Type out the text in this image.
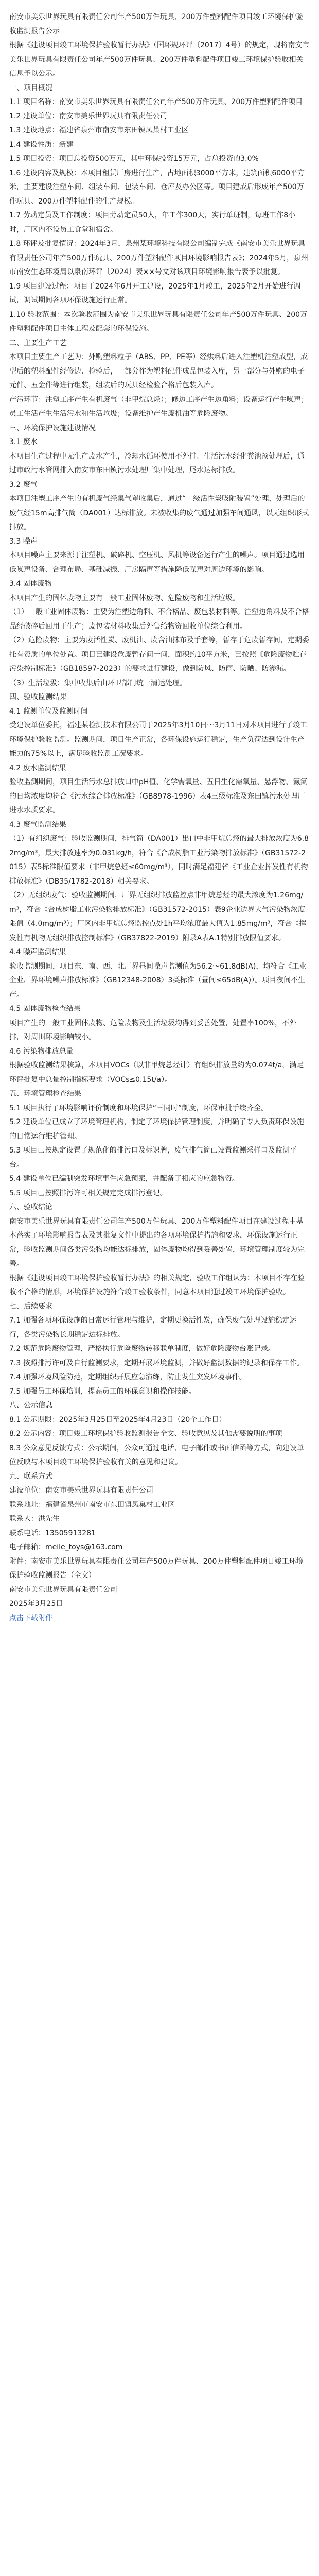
南安市美乐世界玩具有限责任公司年产500万件玩具、200万件塑料配件项目竣工环境保护验收监测报告公示

根据《建设项目竣工环境保护验收暂行办法》（国环规环评〔2017〕4号）的规定，现将南安市美乐世界玩具有限责任公司年产500万件玩具、200万件塑料配件项目竣工环境保护验收相关信息予以公示。

一、项目概况

1.1 项目名称：南安市美乐世界玩具有限责任公司年产500万件玩具、200万件塑料配件项目

1.2 建设单位：南安市美乐世界玩具有限责任公司

1.3 建设地点：福建省泉州市南安市东田镇凤巢村工业区

1.4 建设性质：新建

1.5 项目投资：项目总投资500万元，其中环保投资15万元，占总投资的3.0%

1.6 建设内容及规模：本项目租赁厂房进行生产，占地面积3000平方米，建筑面积6000平方米，主要建设注塑车间、组装车间、包装车间、仓库及办公区等。项目建成后形成年产500万件玩具、200万件塑料配件的生产规模。

1.7 劳动定员及工作制度：项目劳动定员50人，年工作300天，实行单班制，每班工作8小时，厂区内不设员工食堂和宿舍。

1.8 环评及批复情况：2024年3月，泉州某环境科技有限公司编制完成《南安市美乐世界玩具有限责任公司年产500万件玩具、200万件塑料配件项目环境影响报告表》；2024年5月，泉州市南安生态环境局以泉南环评〔2024〕表××号文对该项目环境影响报告表予以批复。

1.9 项目建设过程：项目于2024年6月开工建设，2025年1月竣工，2025年2月开始进行调试，调试期间各项环保设施运行正常。

1.10 验收范围：本次验收范围为南安市美乐世界玩具有限责任公司年产500万件玩具、200万件塑料配件项目主体工程及配套的环保设施。

二、主要生产工艺

本项目主要生产工艺为：外购塑料粒子（ABS、PP、PE等）经烘料后进入注塑机注塑成型，成型后的塑料配件经修边、检验后，一部分作为塑料配件成品包装入库，另一部分与外购的电子元件、五金件等进行组装，组装后的玩具经检验合格后包装入库。

产污环节：注塑工序产生有机废气（非甲烷总烃）；修边工序产生边角料；设备运行产生噪声；员工生活产生生活污水和生活垃圾；设备维护产生废机油等危险废物。

三、环境保护设施建设情况

3.1 废水

本项目生产过程中无生产废水产生，冷却水循环使用不外排。生活污水经化粪池预处理后，通过市政污水管网排入南安市东田镇污水处理厂集中处理，尾水达标排放。

3.2 废气

本项目注塑工序产生的有机废气经集气罩收集后，通过“二级活性炭吸附装置”处理，处理后的废气经15m高排气筒（DA001）达标排放。未被收集的废气通过加强车间通风，以无组织形式排放。

3.3 噪声

本项目噪声主要来源于注塑机、破碎机、空压机、风机等设备运行产生的噪声。项目通过选用低噪声设备、合理布局、基础减振、厂房隔声等措施降低噪声对周边环境的影响。

3.4 固体废物

本项目产生的固体废物主要有一般工业固体废物、危险废物和生活垃圾。

（1）一般工业固体废物：主要为注塑边角料、不合格品、废包装材料等。注塑边角料及不合格品经破碎后回用于生产；废包装材料收集后外售给物资回收单位综合利用。

（2）危险废物：主要为废活性炭、废机油、废含油抹布及手套等，暂存于危废暂存间，定期委托有资质的单位处置。项目已建设危废暂存间一间，面积约10平方米，已按照《危险废物贮存污染控制标准》（GB18597-2023）的要求进行建设，做到防风、防雨、防晒、防渗漏。

（3）生活垃圾：集中收集后由环卫部门统一清运处理。

四、验收监测结果

4.1 监测单位及监测时间

受建设单位委托，福建某检测技术有限公司于2025年3月10日～3月11日对本项目进行了竣工环境保护验收监测。监测期间，项目生产正常，各环保设施运行稳定，生产负荷达到设计生产能力的75%以上，满足验收监测工况要求。

4.2 废水监测结果

验收监测期间，项目生活污水总排放口中pH值、化学需氧量、五日生化需氧量、悬浮物、氨氮的日均浓度均符合《污水综合排放标准》（GB8978-1996）表4三级标准及东田镇污水处理厂进水水质要求。

4.3 废气监测结果

（1）有组织废气：验收监测期间，排气筒（DA001）出口中非甲烷总烃的最大排放浓度为6.82mg/m³，最大排放速率为0.031kg/h，符合《合成树脂工业污染物排放标准》（GB31572-2015）表5标准限值要求（非甲烷总烃≤60mg/m³），同时满足福建省《工业企业挥发性有机物排放标准》（DB35/1782-2018）相关要求。

（2）无组织废气：验收监测期间，厂界无组织排放监控点非甲烷总烃的最大浓度为1.26mg/m³，符合《合成树脂工业污染物排放标准》（GB31572-2015）表9企业边界大气污染物浓度限值（4.0mg/m³）；厂区内非甲烷总烃监控点处1h平均浓度最大值为1.85mg/m³，符合《挥发性有机物无组织排放控制标准》（GB37822-2019）附录A表A.1特别排放限值要求。

4.4 噪声监测结果

验收监测期间，项目东、南、西、北厂界昼间噪声监测值为56.2～61.8dB(A)，均符合《工业企业厂界环境噪声排放标准》（GB12348-2008）3类标准（昼间≤65dB(A)）。项目夜间不生产。

4.5 固体废物检查结果

项目产生的一般工业固体废物、危险废物及生活垃圾均得到妥善处置，处置率100%，不外排，对周围环境影响较小。

4.6 污染物排放总量

根据验收监测结果核算，本项目VOCs（以非甲烷总烃计）有组织排放量约为0.074t/a，满足环评批复中总量控制指标要求（VOCs≤0.15t/a）。

五、环境管理检查结果

5.1 项目执行了环境影响评价制度和环境保护“三同时”制度，环保审批手续齐全。

5.2 建设单位已成立了环境管理机构，制定了环境保护管理制度，并明确了专人负责环保设施的日常运行维护管理。

5.3 项目已按规定设置了规范化的排污口及标识牌，废气排气筒已设置监测采样口及监测平台。

5.4 建设单位已编制突发环境事件应急预案，并配备了相应的应急物资。

5.5 项目已按照排污许可相关规定完成排污登记。

六、验收结论

南安市美乐世界玩具有限责任公司年产500万件玩具、200万件塑料配件项目在建设过程中基本落实了环境影响报告表及其批复文件中提出的各项环境保护措施和要求，环保设施运行正常，验收监测期间各类污染物均能达标排放，固体废物均得到妥善处置，环境管理制度较为完善。

根据《建设项目竣工环境保护验收暂行办法》的相关规定，验收工作组认为：本项目不存在验收不合格的情形，环境保护设施符合竣工验收条件，同意本项目通过竣工环境保护验收。

七、后续要求

7.1 加强各项环保设施的日常运行管理与维护，定期更换活性炭，确保废气处理设施稳定运行，各类污染物长期稳定达标排放。

7.2 规范危险废物管理，严格执行危险废物转移联单制度，做好危险废物台账记录。

7.3 按照排污许可及自行监测要求，定期开展环境监测，并做好监测数据的记录和保存工作。

7.4 加强环境风险防范，定期组织开展应急演练，防止发生突发环境事件。

7.5 加强员工环保培训，提高员工的环保意识和操作技能。

八、公示信息

8.1 公示期限：2025年3月25日至2025年4月23日（20个工作日）

8.2 公示内容：项目竣工环境保护验收监测报告全文、验收意见及其他需要说明的事项

8.3 公众意见反馈方式：公示期间，公众可通过电话、电子邮件或书面信函等方式，向建设单位反映与本项目竣工环境保护验收有关的意见和建议。

九、联系方式

建设单位：南安市美乐世界玩具有限责任公司

联系地址：福建省泉州市南安市东田镇凤巢村工业区

联系人：洪先生

联系电话：13505913281

电子邮箱：meile_toys@163.com

附件：南安市美乐世界玩具有限责任公司年产500万件玩具、200万件塑料配件项目竣工环境保护验收监测报告（全文）

南安市美乐世界玩具有限责任公司

2025年3月25日

点击下载附件
